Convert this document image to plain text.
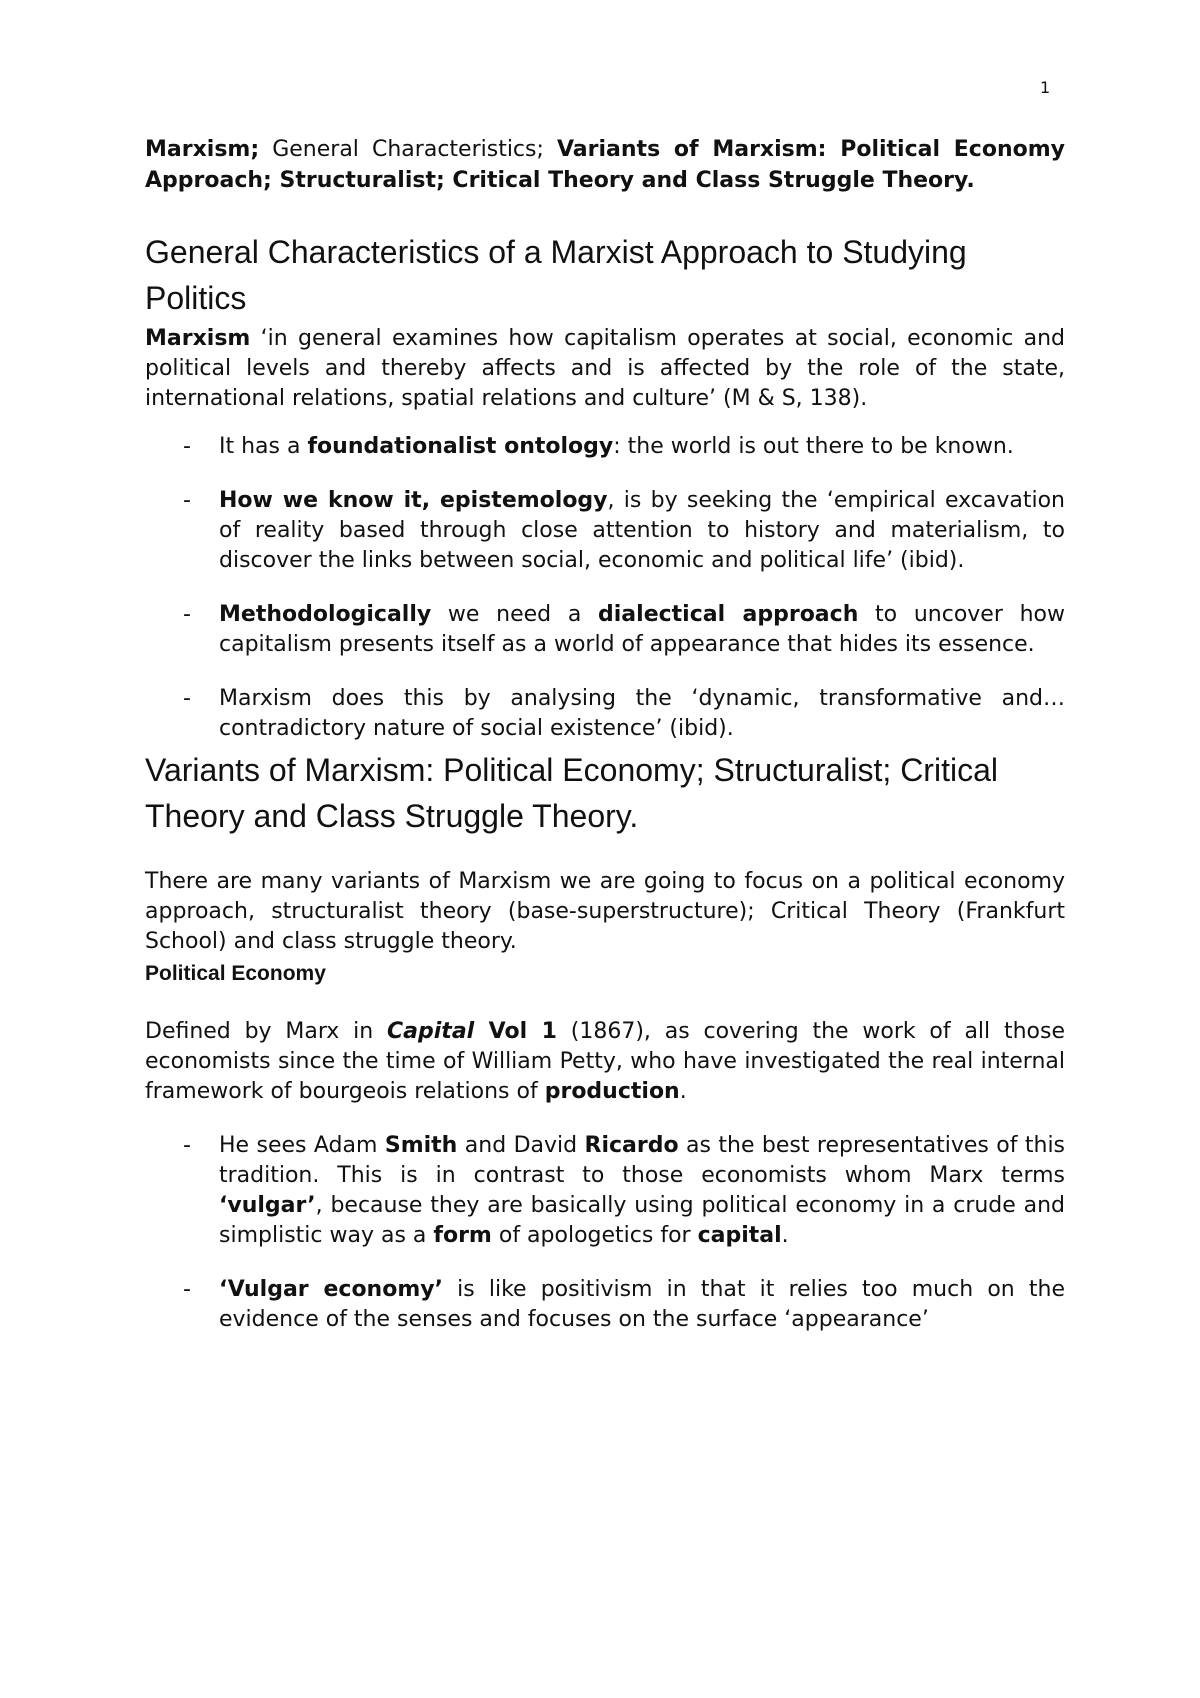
1

Marxism; General Characteristics; Variants of Marxism: Political Economy Approach; Structuralist; Critical Theory and Class Struggle Theory.

General Characteristics of a Marxist Approach to Studying Politics

Marxism ‘in general examines how capitalism operates at social, economic and political levels and thereby affects and is affected by the role of the state, international relations, spatial relations and culture’ (M & S, 138).

- It has a foundationalist ontology: the world is out there to be known.
- How we know it, epistemology, is by seeking the ‘empirical excavation of reality based through close attention to history and materialism, to discover the links between social, economic and political life’ (ibid).
- Methodologically we need a dialectical approach to uncover how capitalism presents itself as a world of appearance that hides its essence.
- Marxism does this by analysing the ‘dynamic, transformative and… contradictory nature of social existence’ (ibid).
Variants of Marxism: Political Economy; Structuralist; Critical Theory and Class Struggle Theory.

There are many variants of Marxism we are going to focus on a political economy approach, structuralist theory (base-superstructure); Critical Theory (Frankfurt School) and class struggle theory.

Political Economy

Defined by Marx in Capital Vol 1 (1867), as covering the work of all those economists since the time of William Petty, who have investigated the real internal framework of bourgeois relations of production.

- He sees Adam Smith and David Ricardo as the best representatives of this tradition. This is in contrast to those economists whom Marx terms ‘vulgar’, because they are basically using political economy in a crude and simplistic way as a form of apologetics for capital.
- ‘Vulgar economy’ is like positivism in that it relies too much on the evidence of the senses and focuses on the surface ‘appearance’
